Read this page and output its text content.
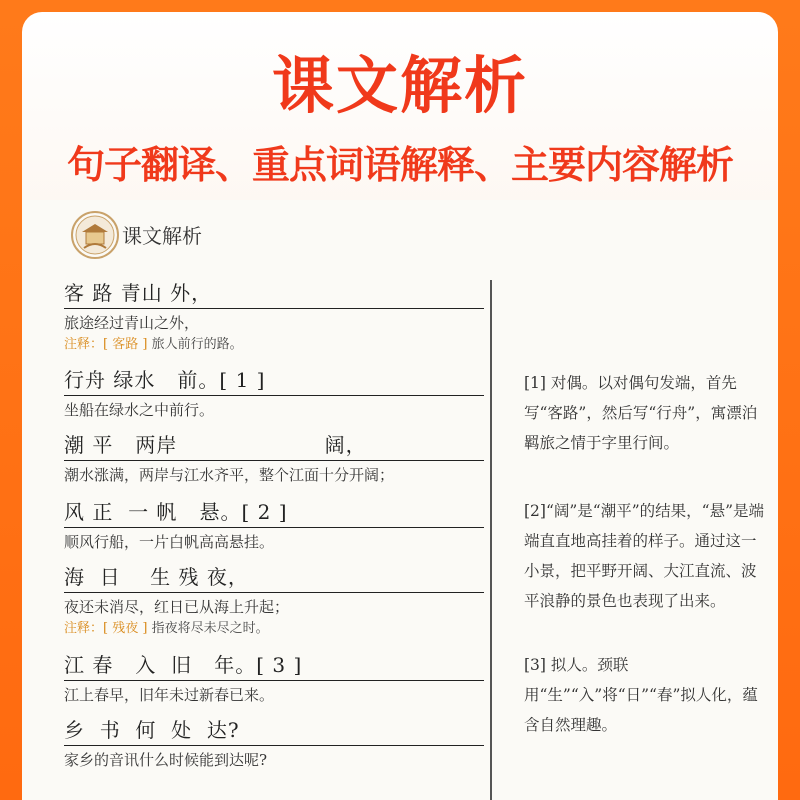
课文解析
句子翻译、重点词语解释、主要内容解析
课文解析
客 路 青山 外，
旅途经过青山之外，
注释：[ 客路 ] 旅人前行的路。
行舟 绿水   前。[ 1 ]
坐船在绿水之中前行。
潮 平   两岸                    阔，
潮水涨满，两岸与江水齐平，整个江面十分开阔；
风 正  一 帆   悬。[ 2 ]
顺风行船，一片白帆高高悬挂。
海  日    生 残 夜，
夜还未消尽，红日已从海上升起；
注释：[ 残夜 ] 指夜将尽未尽之时。
江 春   入  旧   年。[ 3 ]
江上春早，旧年未过新春已来。
乡  书  何  处  达?
家乡的音讯什么时候能到达呢?
[1] 对偶。以对偶句发端，首先写“客路”，然后写“行舟”，寓漂泊羁旅之情于字里行间。
[2]“阔”是“潮平”的结果，“悬”是端端直直地高挂着的样子。通过这一小景，把平野开阔、大江直流、波平浪静的景色也表现了出来。
[3] 拟人。颈联用“生”“入”将“日”“春”拟人化，蕴含自然理趣。
